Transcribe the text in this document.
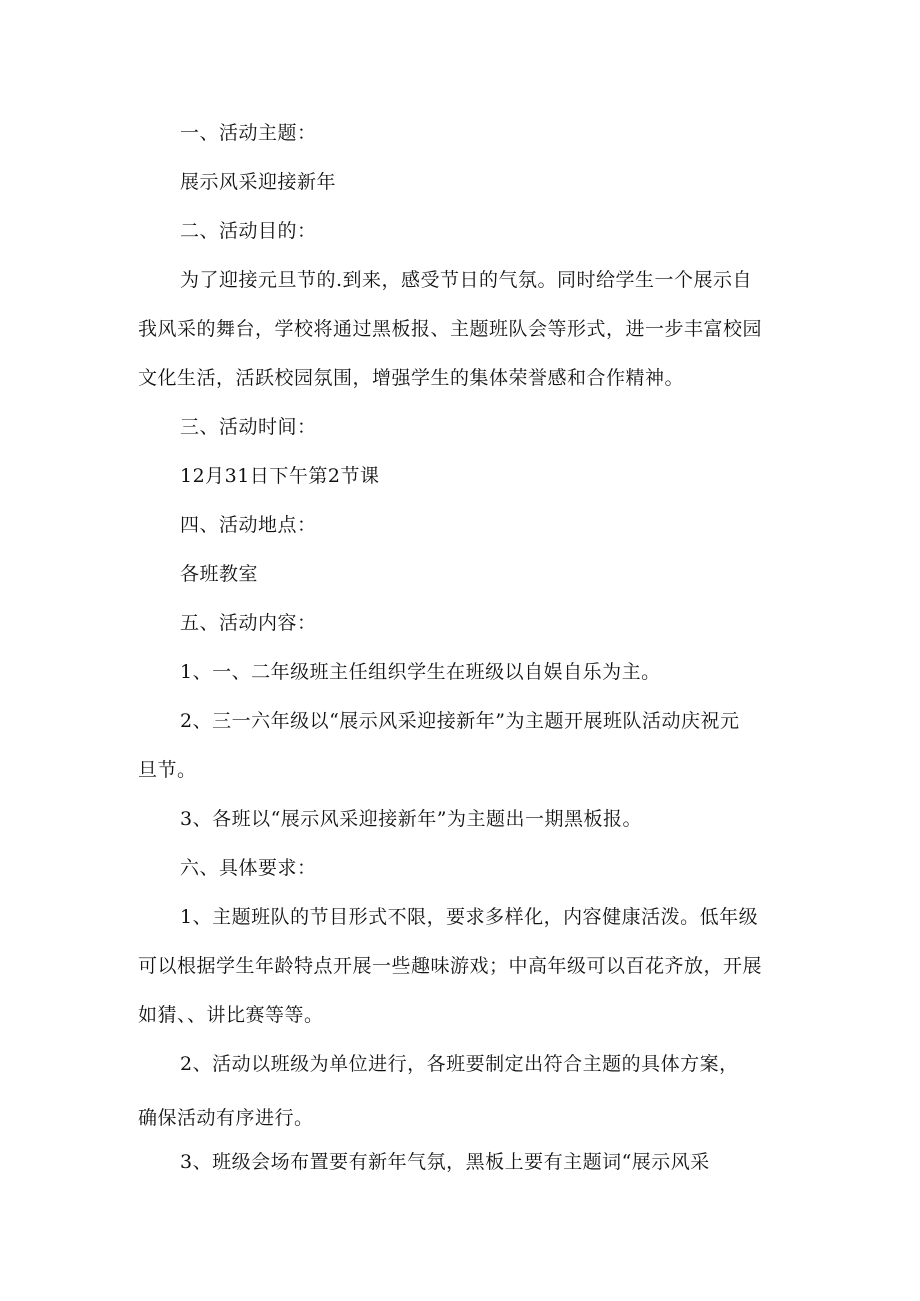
一、活动主题：
展示风采迎接新年
二、活动目的：
为了迎接元旦节的.到来，感受节日的气氛。同时给学生一个展示自
我风采的舞台，学校将通过黑板报、主题班队会等形式，进一步丰富校园
文化生活，活跃校园氛围，增强学生的集体荣誉感和合作精神。
三、活动时间：
12月31日下午第2节课
四、活动地点：
各班教室
五、活动内容：
1、一、二年级班主任组织学生在班级以自娱自乐为主。
2、三一六年级以“展示风采迎接新年”为主题开展班队活动庆祝元
旦节。
3、各班以“展示风采迎接新年”为主题出一期黑板报。
六、具体要求：
1、主题班队的节目形式不限，要求多样化，内容健康活泼。低年级
可以根据学生年龄特点开展一些趣味游戏；中高年级可以百花齐放，开展
如猜、、讲比赛等等。
2、活动以班级为单位进行，各班要制定出符合主题的具体方案，
确保活动有序进行。
3、班级会场布置要有新年气氛，黑板上要有主题词“展示风采
